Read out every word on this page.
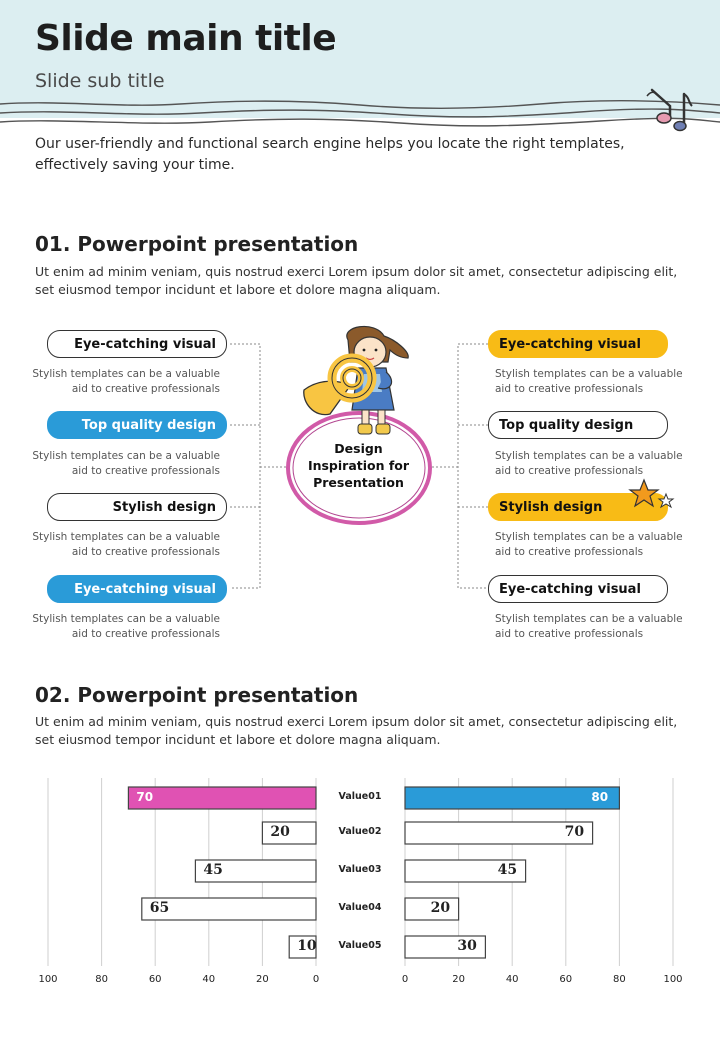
Slide main title

Slide sub title

Our user-friendly and functional search engine helps you locate the right templates, effectively saving your time.
01. Powerpoint presentation
Ut enim ad minim veniam, quis nostrud exerci Lorem ipsum dolor sit amet, consectetur adipiscing elit, set eiusmod tempor incidunt et labore et dolore magna aliquam.
Design Inspiration for Presentation
Eye-catching visual
Stylish templates can be a valuable aid to creative professionals
Top quality design
Stylish templates can be a valuable aid to creative professionals
Stylish design
Stylish templates can be a valuable aid to creative professionals
Eye-catching visual
Stylish templates can be a valuable aid to creative professionals
Eye-catching visual
Stylish templates can be a valuable aid to creative professionals
Top quality design
Stylish templates can be a valuable aid to creative professionals
Stylish design
Stylish templates can be a valuable aid to creative professionals
Eye-catching visual
Stylish templates can be a valuable aid to creative professionals
02. Powerpoint presentation
Ut enim ad minim veniam, quis nostrud exerci Lorem ipsum dolor sit amet, consectetur adipiscing elit, set eiusmod tempor incidunt et labore et dolore magna aliquam.
70	80
Value01
20	70
Value02
45	45
Value03
65	20
Value04
10	30
Value05
100	80	60	40	20	0	0	20	40	60	80	100
